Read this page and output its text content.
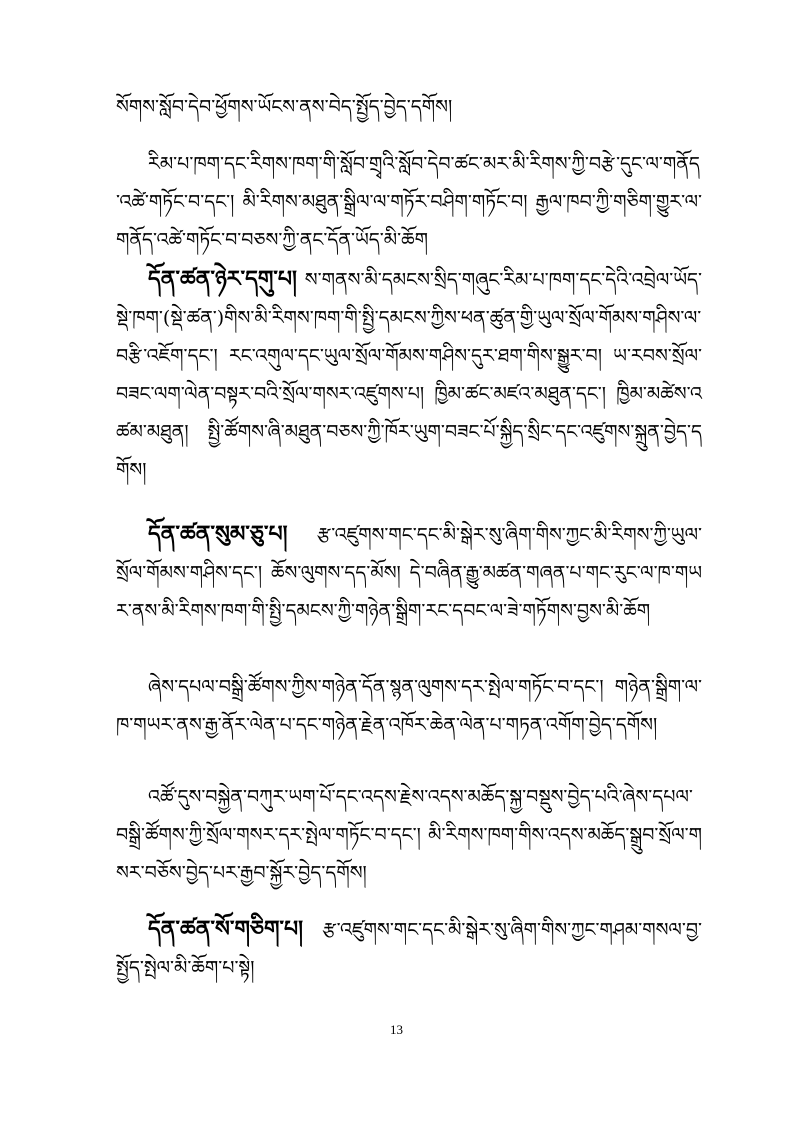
སོགས་སློབ་དེབ་ཕྱོགས་ཡོངས་ནས་བེད་སྤྱོད་བྱེད་དགོས།

རིམ་པ་ཁག་དང་རིགས་ཁག་གི་སློབ་གྲྭའི་སློབ་དེབ་ཚང་མར་མི་རིགས་ཀྱི་བརྩེ་དུང་ལ་གནོད་འཚེ་གཏོང་བ་དང་། མི་རིགས་མཐུན་སྒྲིལ་ལ་གཏོར་བཤིག་གཏོང་བ། རྒྱལ་ཁབ་ཀྱི་གཅིག་གྱུར་ལ་གནོད་འཚེ་གཏོང་བ་བཅས་ཀྱི་ནང་དོན་ཡོད་མི་ཆོག

དོན་ཚན་ཉེར་དགུ་པ། ས་གནས་མི་དམངས་སྲིད་གཞུང་རིམ་པ་ཁག་དང་དེའི་འབྲེལ་ཡོད་སྡེ་ཁག་(སྡེ་ཚན་)གིས་མི་རིགས་ཁག་གི་སྤྱི་དམངས་ཀྱིས་ཕན་ཚུན་གྱི་ཡུལ་སྲོལ་གོམས་གཤིས་ལ་བརྩི་འཇོག་དང་། རང་འགུལ་དང་ཡུལ་སྲོལ་གོམས་གཤིས་དུར་ཐག་གིས་སྒྱུར་བ། ཡ་རབས་སྲོལ་བཟང་ལག་ལེན་བསྟར་བའི་སྲོལ་གསར་འཛུགས་པ། ཁྱིམ་ཚང་མཛའ་མཐུན་དང་། ཁྱིམ་མཚེས་འཚམ་མཐུན། སྤྱི་ཚོགས་ཞི་མཐུན་བཅས་ཀྱི་ཁོར་ཡུག་བཟང་པོ་སྐྱིད་སྲིང་དང་འཛུགས་སྐྲུན་བྱེད་དགོས།

དོན་ཚན་སུམ་ཅུ་པ། རྩ་འཛུགས་གང་དང་མི་སྒེར་སུ་ཞིག་གིས་ཀྱང་མི་རིགས་ཀྱི་ཡུལ་སྲོལ་གོམས་གཤིས་དང་། ཆོས་ལུགས་དད་མོས། དེ་བཞིན་རྒྱུ་མཚན་གཞན་པ་གང་རུང་ལ་ཁ་གཡར་ནས་མི་རིགས་ཁག་གི་སྤྱི་དམངས་ཀྱི་གཉེན་སྒྲིག་རང་དབང་ལ་ཟེ་གཏོགས་བྱས་མི་ཆོག

ཞེས་དཔལ་བསྒྲི་ཚོགས་ཀྱིས་གཉེན་དོན་སྙན་ལུགས་དར་སྤེལ་གཏོང་བ་དང་། གཉེན་སྒྲིག་ལ་ཁ་གཡར་ནས་རྒྱ་ནོར་ལེན་པ་དང་གཉེན་རྗེན་འཁོར་ཆེན་ལེན་པ་གཏན་འགོག་བྱེད་དགོས།

འཚོ་དུས་བསྐྱེན་བཀུར་ཡག་པོ་དང་འདས་རྗེས་འདས་མཆོད་སྐྱ་བསྡུས་བྱེད་པའི་ཞེས་དཔལ་བསྒྲི་ཚོགས་ཀྱི་སྲོལ་གསར་དར་སྤེལ་གཏོང་བ་དང་། མི་རིགས་ཁག་གིས་འདས་མཆོད་སྒྲུབ་སྲོལ་གསར་བཅོས་བྱེད་པར་རྒྱབ་སྐྱོར་བྱེད་དགོས།

དོན་ཚན་སོ་གཅིག་པ། རྩ་འཛུགས་གང་དང་མི་སྒེར་སུ་ཞིག་གིས་ཀྱང་གཤམ་གསལ་བྱ་སྤྱོད་སྤེལ་མི་ཆོག་པ་སྟེ།

13
